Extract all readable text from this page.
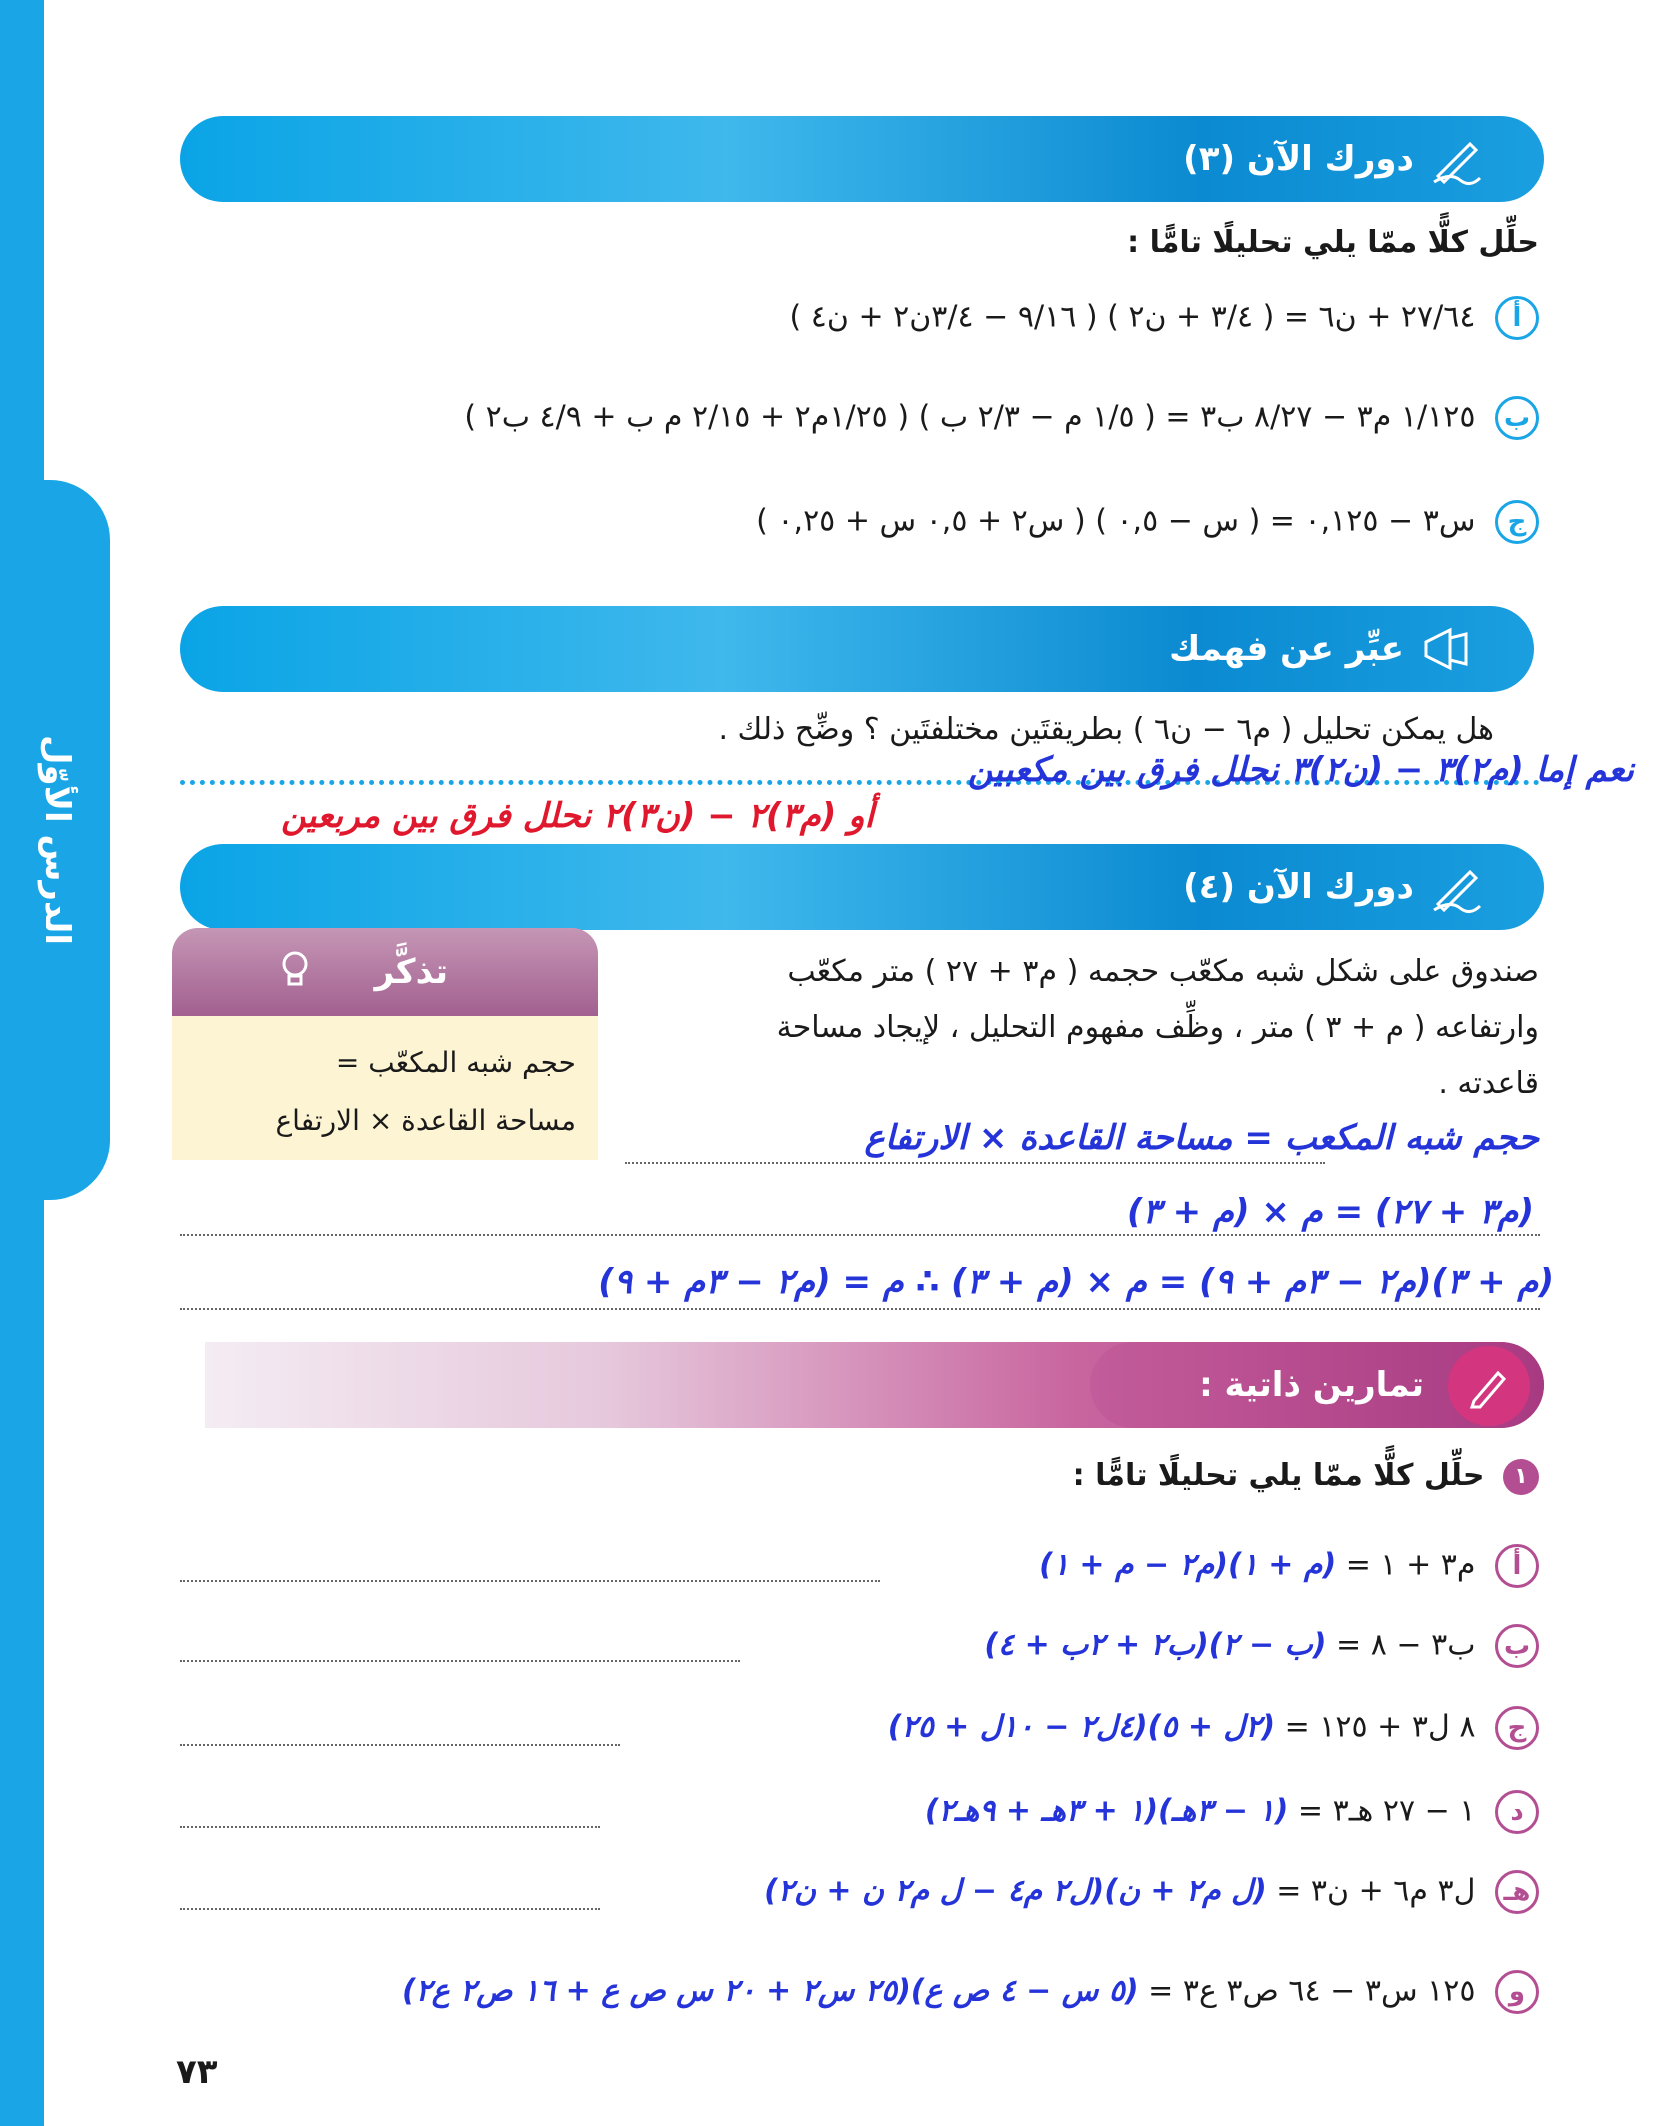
الدرس الأوّل
دورك الآن (٣)
حلِّل كلًّا ممّا يلي تحليلًا تامًّا :
أ ٢٧/٦٤ + ن٦ = ( ٣/٤ + ن٢ ) ( ٩/١٦ − ٣/٤ن٢ + ن٤ )
ب ١/١٢٥ م٣ − ٨/٢٧ ب٣ = ( ١/٥ م − ٢/٣ ب ) ( ١/٢٥م٢ + ٢/١٥ م ب + ٤/٩ ب٢ )
ج س٣ − ٠,١٢٥ = ( س − ٠,٥ ) ( س٢ + ٠,٥ س + ٠,٢٥ )
عبِّر عن فهمك
هل يمكن تحليل ( م٦ − ن٦ ) بطريقتَين مختلفتَين ؟ وضِّح ذلك .
نعم إما (م٢)٣ − (ن٢)٣ نحلل فرق بين مكعبين
أو (م٣)٢ − (ن٣)٢ نحلل فرق بين مربعين
دورك الآن (٤)
صندوق على شكل شبه مكعّب حجمه ( م٣ + ٢٧ ) متر مكعّب
وارتفاعه ( م + ٣ ) متر ، وظِّف مفهوم التحليل ، لإيجاد مساحة
قاعدته .
تذكَّر
حجم شبه المكعّب =
مساحة القاعدة × الارتفاع	حجم شبه المكعب = مساحة القاعدة × الارتفاع
(م٣ + ٢٧) = م × (م + ٣)
(م + ٣)(م٢ − ٣م + ٩) = م × (م + ٣) ∴ م = (م٢ − ٣م + ٩)
تمارين ذاتية :
١ حلِّل كلًّا ممّا يلي تحليلًا تامًّا :
أ م٣ + ١ = (م + ١)(م٢ − م + ١)
ب ب٣ − ٨ = (ب − ٢)(ب٢ + ٢ب + ٤)
ج ٨ ل٣ + ١٢٥ = (٢ل + ٥)(٤ل٢ − ١٠ل + ٢٥)
د ١ − ٢٧ هـ٣ = (١ − ٣هـ)(١ + ٣هـ + ٩هـ٢)
هـ ل٣ م٦ + ن٣ = (ل م٢ + ن)(ل٢ م٤ − ل م٢ ن + ن٢)
و ١٢٥ س٣ − ٦٤ ص٣ ع٣ = (٥ س − ٤ ص ع)(٢٥ س٢ + ٢٠ س ص ع + ١٦ ص٢ ع٢)
٧٣
